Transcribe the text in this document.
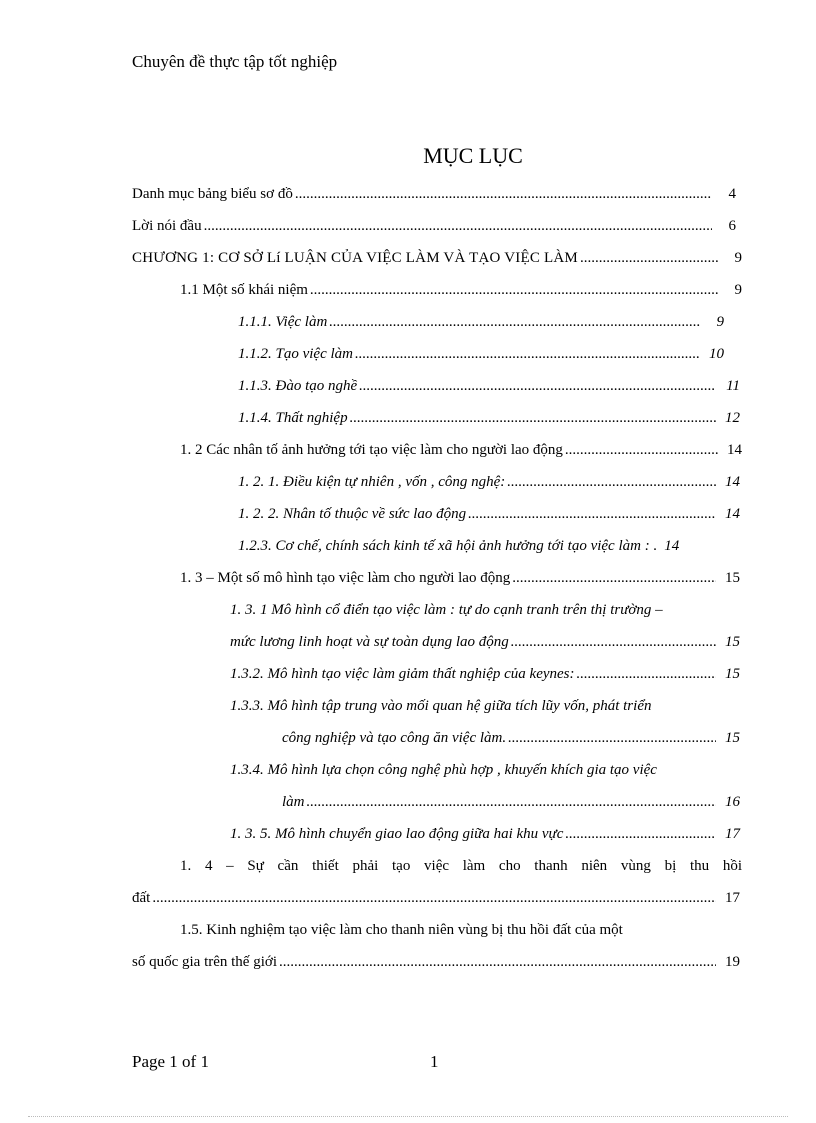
Chuyên đề thực tập tốt nghiệp
MỤC LỤC
Danh mục bảng biểu sơ đồ .....	4
Lời nói đầu .....	6
CHƯƠNG 1: CƠ SỞ Lí LUẬN CỦA VIỆC LÀM VÀ TẠO VIỆC LÀM .....	9
1.1 Một số khái niệm .....	9
1.1.1. Việc làm .....	9
1.1.2. Tạo việc làm .....	10
1.1.3. Đào tạo nghề .....	11
1.1.4. Thất nghiệp .....	12
1. 2 Các nhân tố ảnh hưởng tới tạo việc làm cho người lao động .....	14
1. 2. 1. Điều kiện tự nhiên , vốn , công nghệ: .....	14
1. 2. 2. Nhân tố thuộc về sức lao động .....	14
1.2.3. Cơ chế, chính sách kinh tế xã hội ảnh hưởng tới tạo việc làm : . 14
1. 3 – Một số mô hình tạo việc làm cho người lao động .....	15
1. 3. 1 Mô hình cổ điển tạo việc làm : tự do cạnh tranh trên thị trường –
mức lương linh hoạt và sự toàn dụng lao động .....	15
1.3.2. Mô hình tạo việc làm giảm thất nghiệp của keynes: .....	15
1.3.3. Mô hình tập trung vào mối quan hệ giữa tích lũy vốn, phát triển
công nghiệp và tạo công ăn việc làm. .....	15
1.3.4. Mô hình lựa chọn công nghệ phù hợp , khuyến khích gia tạo việc
làm .....	16
1. 3. 5. Mô hình chuyển giao lao động giữa hai khu vực .....	17
1. 4 – Sự cần thiết phải tạo việc làm cho thanh niên vùng bị thu hồi
đất .....	17
1.5. Kinh nghiệm tạo việc làm cho thanh niên vùng bị thu hồi đất của một
số quốc gia trên thế giới .....	19
Page 1 of 1	1
